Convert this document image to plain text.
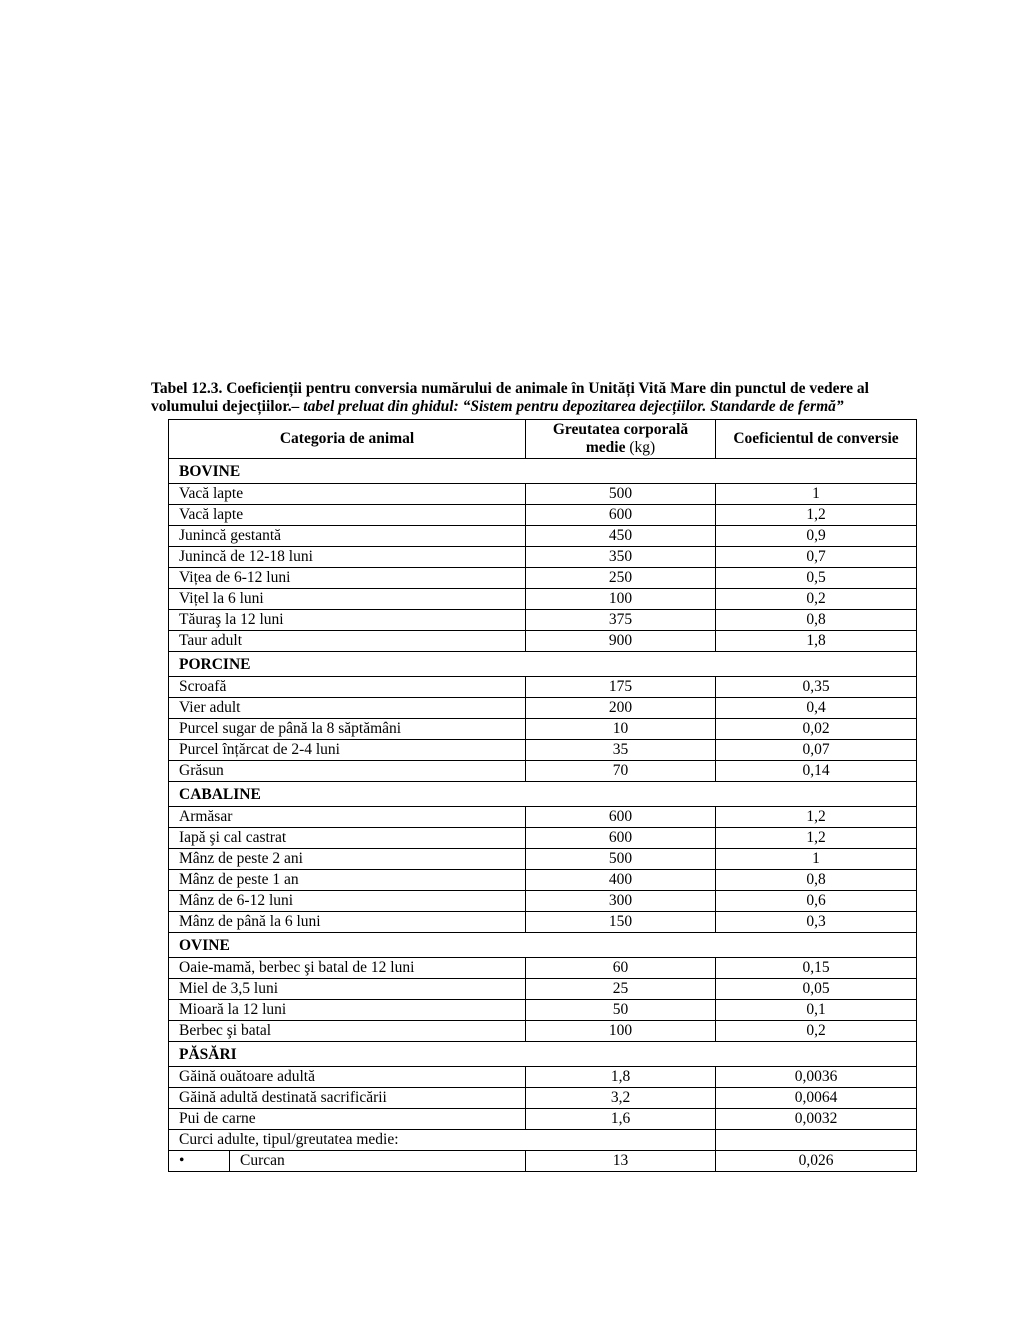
Tabel 12.3. Coeficienții pentru conversia numărului de animale în Unități Vită Mare din punctul de vedere al
volumului dejecțiilor.– tabel preluat din ghidul: “Sistem pentru depozitarea dejecțiilor. Standarde de fermă”
Categoria de animal		Greutatea corporală medie (kg)	Coeficientul de conversie
BOVINE			
Vacă lapte		500	1
Vacă lapte		600	1,2
Junincă gestantă		450	0,9
Junincă de 12-18 luni		350	0,7
Vițea de 6-12 luni		250	0,5
Vițel la 6 luni		100	0,2
Tăuraş la 12 luni		375	0,8
Taur adult		900	1,8
PORCINE			
Scroafă		175	0,35
Vier adult		200	0,4
Purcel sugar de până la 8 săptămâni		10	0,02
Purcel înțărcat de 2-4 luni		35	0,07
Grăsun		70	0,14
CABALINE			
Armăsar		600	1,2
Iapă şi cal castrat		600	1,2
Mânz de peste 2 ani		500	1
Mânz de peste 1 an		400	0,8
Mânz de 6-12 luni		300	0,6
Mânz de până la 6 luni		150	0,3
OVINE			
Oaie-mamă, berbec şi batal de 12 luni		60	0,15
Miel de 3,5 luni		25	0,05
Mioară la 12 luni		50	0,1
Berbec şi batal		100	0,2
PĂSĂRI			
Găină ouătoare adultă		1,8	0,0036
Găină adultă destinată sacrificării		3,2	0,0064
Pui de carne		1,6	0,0032
Curci adulte, tipul/greutatea medie:			
•	Curcan	13	0,026
